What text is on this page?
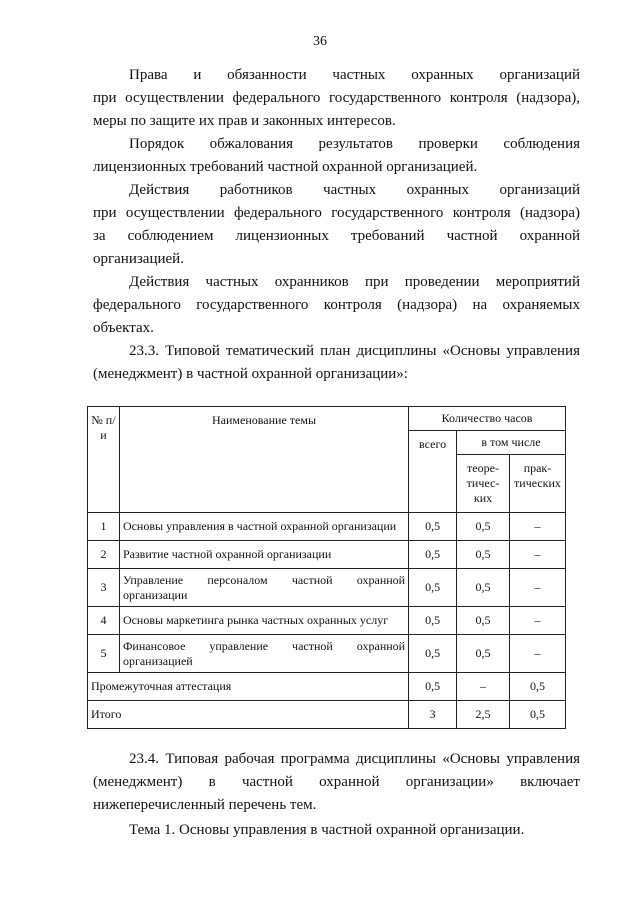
36

Права и обязанности частных охранных организаций

при осуществлении федерального государственного контроля (надзора),

меры по защите их прав и законных интересов.

Порядок обжалования результатов проверки соблюдения

лицензионных требований частной охранной организацией.

Действия работников частных охранных организаций

при осуществлении федерального государственного контроля (надзора)

за соблюдением лицензионных требований частной охранной

организацией.

Действия частных охранников при проведении мероприятий

федерального государственного контроля (надзора) на охраняемых

объектах.

23.3. Типовой тематический план дисциплины «Основы управления

(менеджмент) в частной охранной организации»:

№ п/и	Наименование темы	Количество часов		
		всего	в том числе	
			теоре-тичес-ких	прак-тических
1	Основы управления в частной охранной организации	0,5	0,5	–
2	Развитие частной охранной организации	0,5	0,5	–
3	Управление персоналом частной охранной организации	0,5	0,5	–
4	Основы маркетинга рынка частных охранных услуг	0,5	0,5	–
5	Финансовое управление частной охранной организацией	0,5	0,5	–
Промежуточная аттестация		0,5	–	0,5
Итого		3	2,5	0,5

23.4. Типовая рабочая программа дисциплины «Основы управления

(менеджмент) в частной охранной организации» включает

нижеперечисленный перечень тем.

Тема 1. Основы управления в частной охранной организации.
